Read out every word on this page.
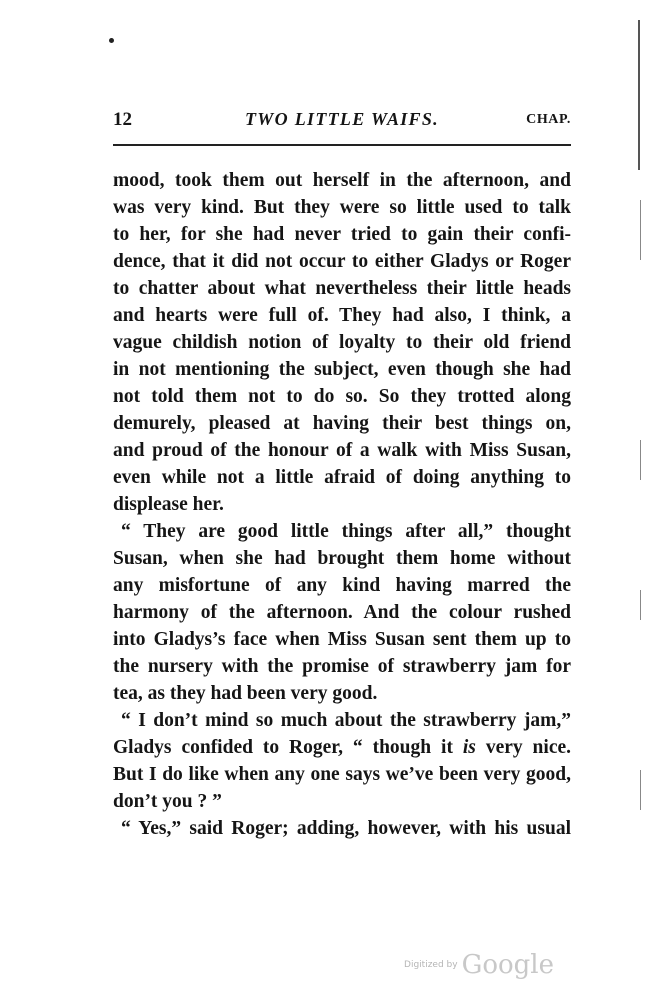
12	TWO LITTLE WAIFS.	CHAP.
mood, took them out herself in the afternoon, and
was very kind. But they were so little used to talk
to her, for she had never tried to gain their confi-
dence, that it did not occur to either Gladys or Roger
to chatter about what nevertheless their little heads
and hearts were full of. They had also, I think, a
vague childish notion of loyalty to their old friend
in not mentioning the subject, even though she had
not told them not to do so. So they trotted along
demurely, pleased at having their best things on,
and proud of the honour of a walk with Miss Susan,
even while not a little afraid of doing anything to
displease her.
“ They are good little things after all,” thought
Susan, when she had brought them home without
any misfortune of any kind having marred the
harmony of the afternoon. And the colour rushed
into Gladys’s face when Miss Susan sent them up to
the nursery with the promise of strawberry jam for
tea, as they had been very good.
“ I don’t mind so much about the strawberry jam,”
Gladys confided to Roger, “ though it is very nice.
But I do like when any one says we’ve been very good,
don’t you ? ”
“ Yes,” said Roger; adding, however, with his usual
Digitized by Google
